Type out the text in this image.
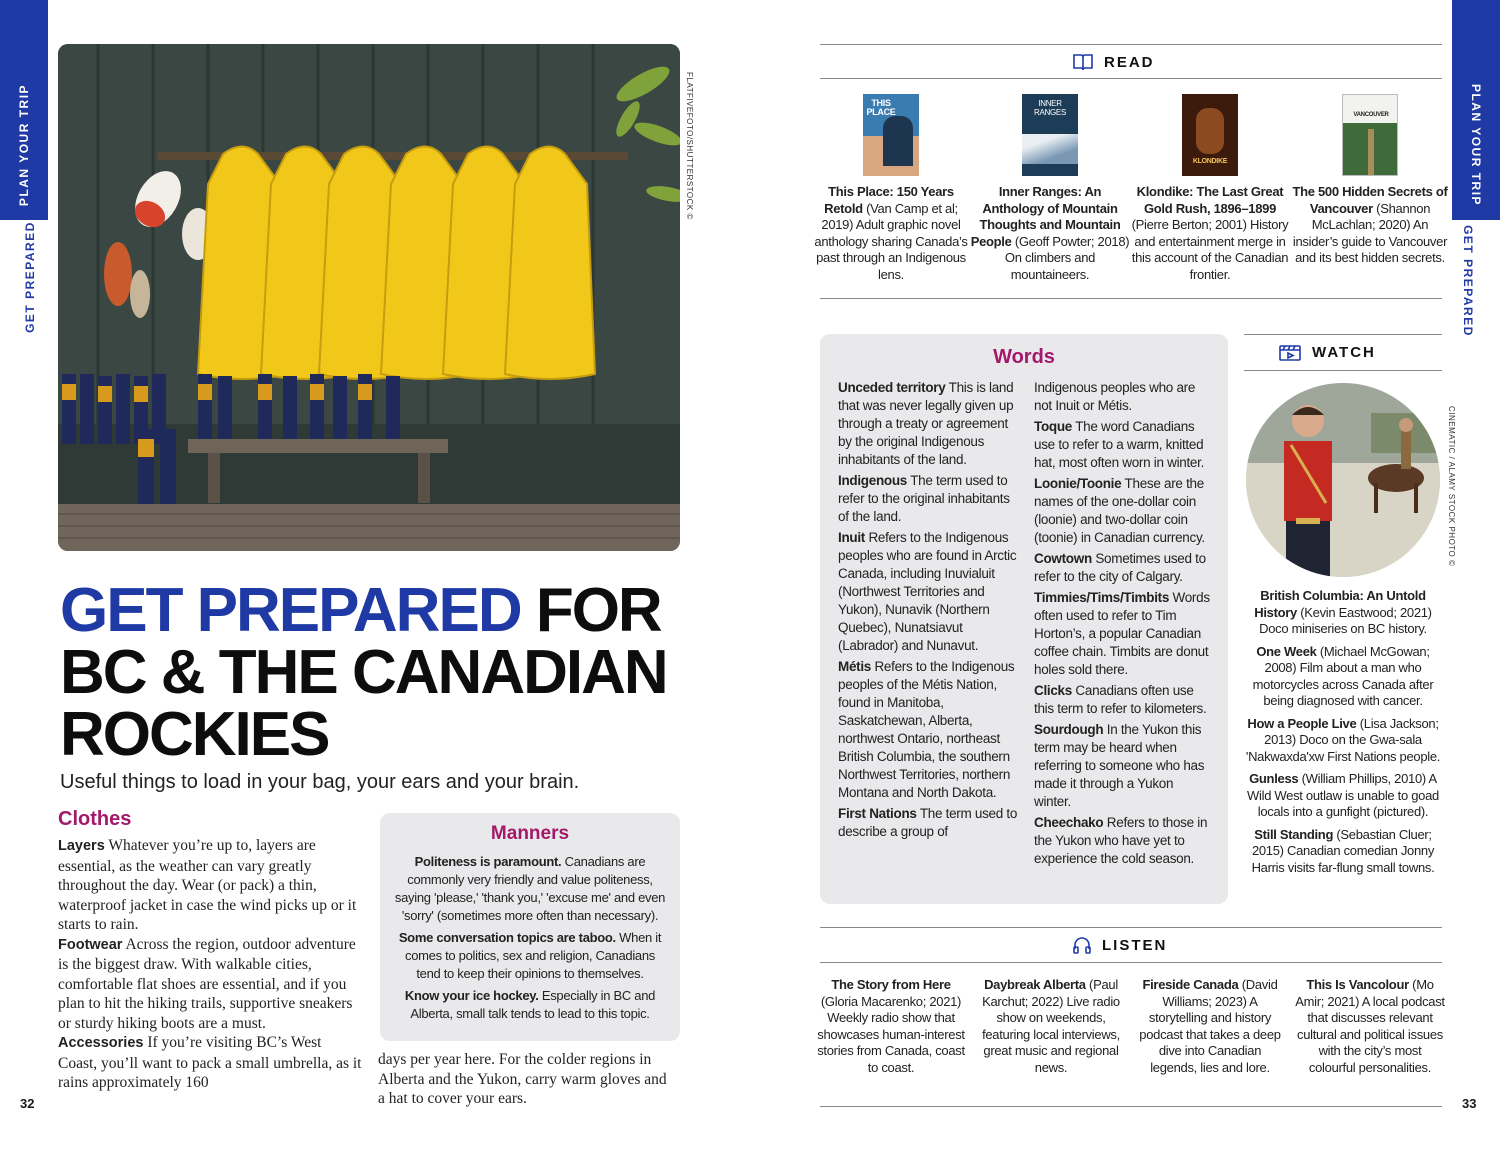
PLAN YOUR TRIP
GET PREPARED
32
PLAN YOUR TRIP
GET PREPARED
33
FLATFIVEFOTO/SHUTTERSTOCK ©
GET PREPARED FOR
BC & THE CANADIAN
ROCKIES
Useful things to load in your bag, your ears and your brain.
Clothes

Layers Whatever you’re up to, layers are essential, as the weather can vary greatly throughout the day. Wear (or pack) a thin, waterproof jacket in case the wind picks up or it starts to rain.

Footwear Across the region, outdoor adventure is the biggest draw. With walkable cities, comfortable flat shoes are essential, and if you plan to hit the hiking trails, supportive sneakers or sturdy hiking boots are a must.

Accessories If you’re visiting BC’s West Coast, you’ll want to pack a small umbrella, as it rains approximately 160

days per year here. For the colder regions in Alberta and the Yukon, carry warm gloves and a hat to cover your ears.
Manners

Politeness is paramount. Canadians are commonly very friendly and value politeness, saying 'please,' 'thank you,' 'excuse me' and even 'sorry' (sometimes more often than necessary).

Some conversation topics are taboo. When it comes to politics, sex and religion, Canadians tend to keep their opinions to themselves.

Know your ice hockey. Especially in BC and Alberta, small talk tends to lead to this topic.

READ
THIS PLACE
This Place: 150 Years Retold (Van Camp et al; 2019) Adult graphic novel anthology sharing Canada’s past through an Indigenous lens.
INNER RANGES
Inner Ranges: An Anthology of Mountain Thoughts and Mountain People (Geoff Powter; 2018) On climbers and mountaineers.
KLONDIKE
Klondike: The Last Great Gold Rush, 1896–1899 (Pierre Berton; 2001) History and entertainment merge in this account of the Canadian frontier.
VANCOUVER
The 500 Hidden Secrets of Vancouver (Shannon McLachlan; 2020) An insider’s guide to Vancouver and its best hidden secrets.
Words

Unceded territory This is land that was never legally given up through a treaty or agreement by the original Indigenous inhabitants of the land.

Indigenous The term used to refer to the original inhabitants of the land.

Inuit Refers to the Indigenous peoples who are found in Arctic Canada, including Inuvialuit (Northwest Territories and Yukon), Nunavik (Northern Quebec), Nunatsiavut (Labrador) and Nunavut.

Métis Refers to the Indigenous peoples of the Métis Nation, found in Manitoba, Saskatchewan, Alberta, northwest Ontario, northeast British Columbia, the southern Northwest Territories, northern Montana and North Dakota.

First Nations The term used to describe a group of

Indigenous peoples who are not Inuit or Métis.

Toque The word Canadians use to refer to a warm, knitted hat, most often worn in winter.

Loonie/Toonie These are the names of the one-dollar coin (loonie) and two-dollar coin (toonie) in Canadian currency.

Cowtown Sometimes used to refer to the city of Calgary.

Timmies/Tims/Timbits Words often used to refer to Tim Horton’s, a popular Canadian coffee chain. Timbits are donut holes sold there.

Clicks Canadians often use this term to refer to kilometers.

Sourdough In the Yukon this term may be heard when referring to someone who has made it through a Yukon winter.

Cheechako Refers to those in the Yukon who have yet to experience the cold season.

WATCH
CINEMATIC / ALAMY STOCK PHOTO ©

British Columbia: An Untold History (Kevin Eastwood; 2021) Doco miniseries on BC history.

One Week (Michael McGowan; 2008) Film about a man who motorcycles across Canada after being diagnosed with cancer.

How a People Live (Lisa Jackson; 2013) Doco on the Gwa-sala 'Nakwaxda'xw First Nations people.

Gunless (William Phillips, 2010) A Wild West outlaw is unable to goad locals into a gunfight (pictured).

Still Standing (Sebastian Cluer; 2015) Canadian comedian Jonny Harris visits far-flung small towns.

LISTEN
The Story from Here (Gloria Macarenko; 2021) Weekly radio show that showcases human-interest stories from Canada, coast to coast.
Daybreak Alberta (Paul Karchut; 2022) Live radio show on weekends, featuring local interviews, great music and regional news.
Fireside Canada (David Williams; 2023) A storytelling and history podcast that takes a deep dive into Canadian legends, lies and lore.
This Is Vancolour (Mo Amir; 2021) A local podcast that discusses relevant cultural and political issues with the city’s most colourful personalities.
